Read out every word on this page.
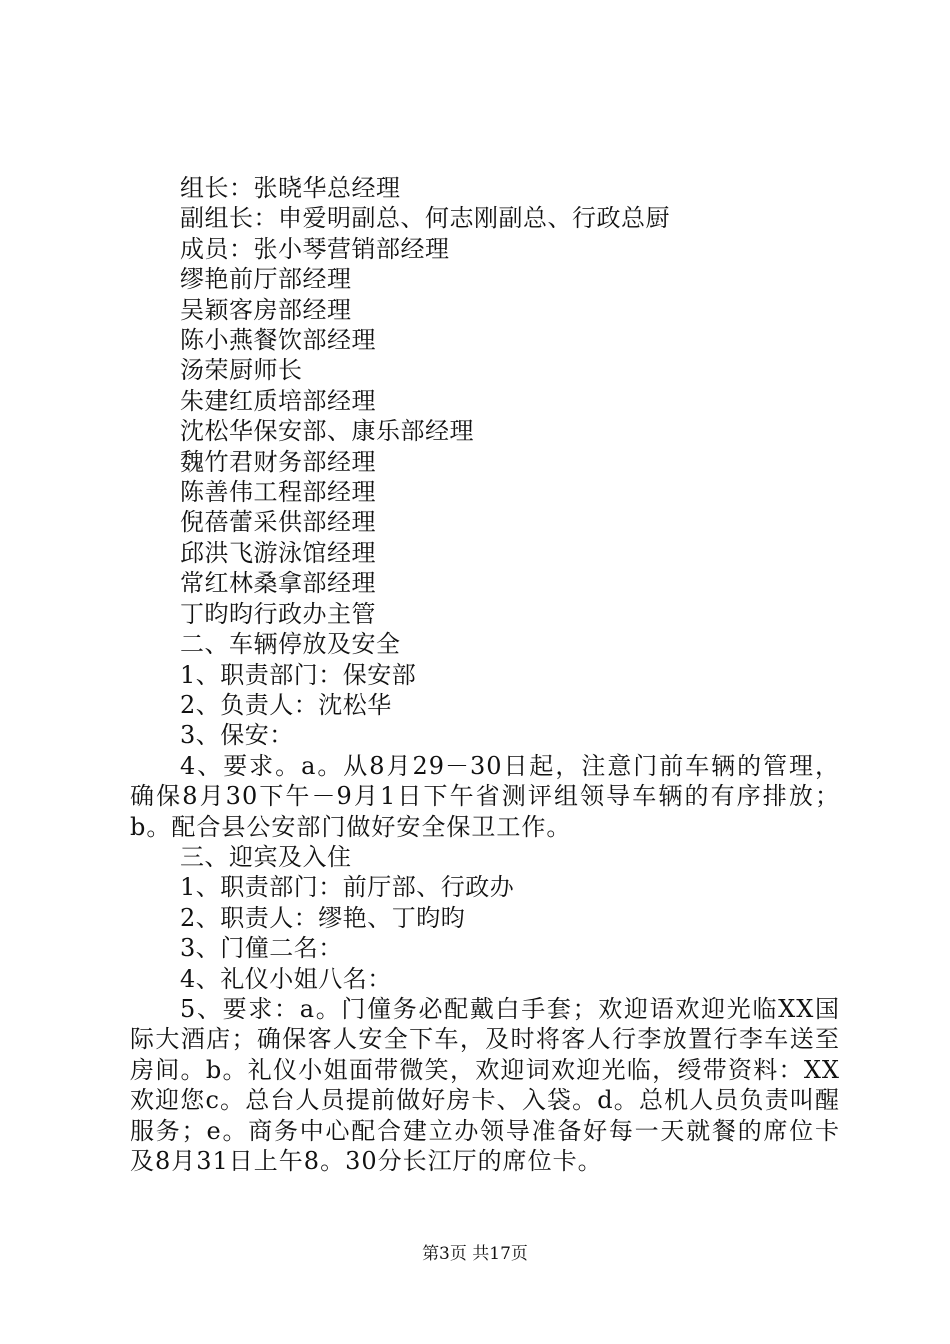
组长：张晓华总经理
副组长：申爱明副总、何志刚副总、行政总厨
成员：张小琴营销部经理
缪艳前厅部经理
吴颖客房部经理
陈小燕餐饮部经理
汤荣厨师长
朱建红质培部经理
沈松华保安部、康乐部经理
魏竹君财务部经理
陈善伟工程部经理
倪蓓蕾采供部经理
邱洪飞游泳馆经理
常红林桑拿部经理
丁昀昀行政办主管
二、车辆停放及安全
1、职责部门：保安部
2、负责人：沈松华
3、保安：
4、要求。a。从8月29－30日起，注意门前车辆的管理，确保8月30下午－9月1日下午省测评组领导车辆的有序排放；b。配合县公安部门做好安全保卫工作。
三、迎宾及入住
1、职责部门：前厅部、行政办
2、职责人：缪艳、丁昀昀
3、门僮二名：
4、礼仪小姐八名：
5、要求：a。门僮务必配戴白手套；欢迎语欢迎光临XX国际大酒店；确保客人安全下车，及时将客人行李放置行李车送至房间。b。礼仪小姐面带微笑，欢迎词欢迎光临，绶带资料：XX欢迎您c。总台人员提前做好房卡、入袋。d。总机人员负责叫醒服务；e。商务中心配合建立办领导准备好每一天就餐的席位卡及8月31日上午8。30分长江厅的席位卡。
第3页 共17页
